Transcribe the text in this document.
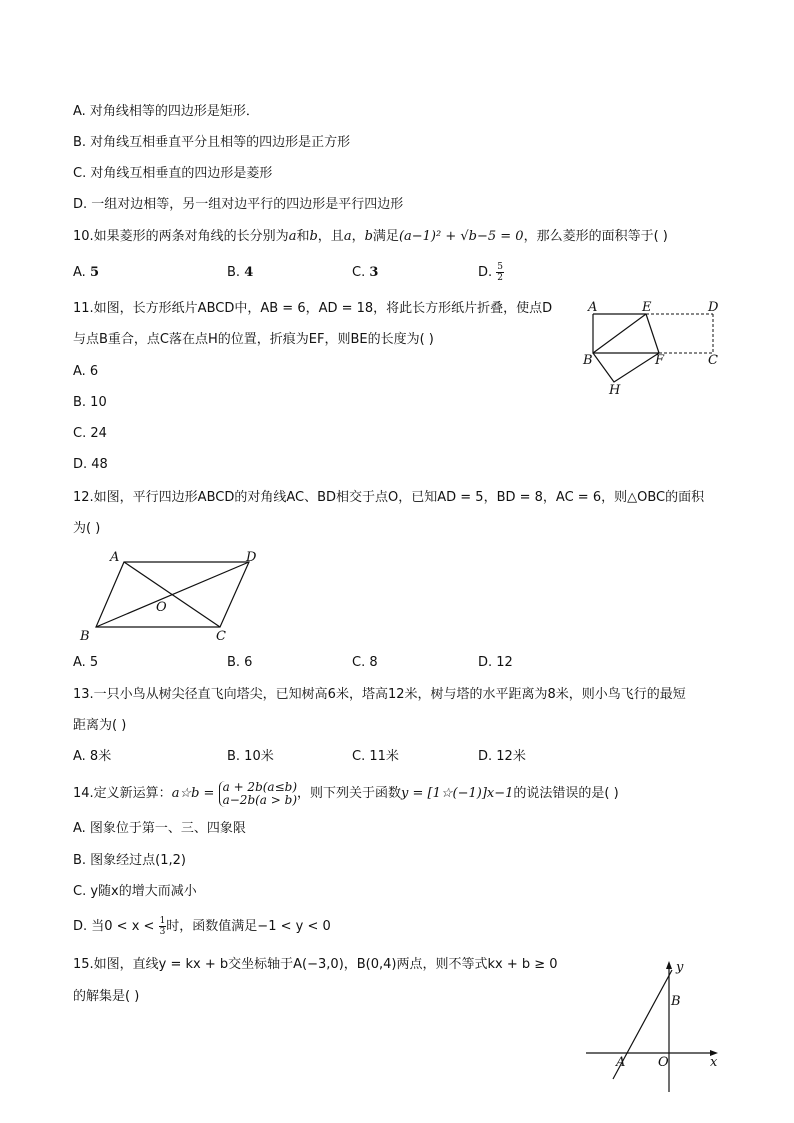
A. 对角线相等的四边形是矩形．
B. 对角线互相垂直平分且相等的四边形是正方形
C. 对角线互相垂直的四边形是菱形
D. 一组对边相等，另一组对边平行的四边形是平行四边形
10.如果菱形的两条对角线的长分别为a和b，且a，b满足(a−1)² + √b−5 = 0，那么菱形的面积等于( )
A. 5	B. 4	C. 3	D. $\frac{5}{2}$
11.如图，长方形纸片ABCD中，AB = 6，AD = 18，将此长方形纸片折叠，使点D
与点B重合，点C落在点H的位置，折痕为EF，则BE的长度为( )
A. 6
B. 10
C. 24
D. 48
A	E	D
B	F	C
H
12.如图，平行四边形ABCD的对角线AC、BD相交于点O，已知AD = 5，BD = 8，AC = 6，则△OBC的面积
为( )
A	D
O
B	C
A. 5	B. 6	C. 8	D. 12
13.一只小鸟从树尖径直飞向塔尖，已知树高6米，塔高12米，树与塔的水平距离为8米，则小鸟飞行的最短
距离为( )
A. 8米	B. 10米	C. 11米	D. 12米
14.定义新运算：a☆b = a + 2b(a≤b)
a−2b(a > b) ，则下列关于函数y = [1☆(−1)]x−1的说法错误的是( )
A. 图象位于第一、三、四象限
B. 图象经过点(1,2)
C. y随x的增大而减小
D. 当$0 < x < \frac{1}{3}$ 时，函数值满足−1 < y < 0
15.如图，直线y = kx + b交坐标轴于A(−3,0)，B(0,4)两点，则不等式kx + b ≥ 0
的解集是( )
y
B
A	O	x
